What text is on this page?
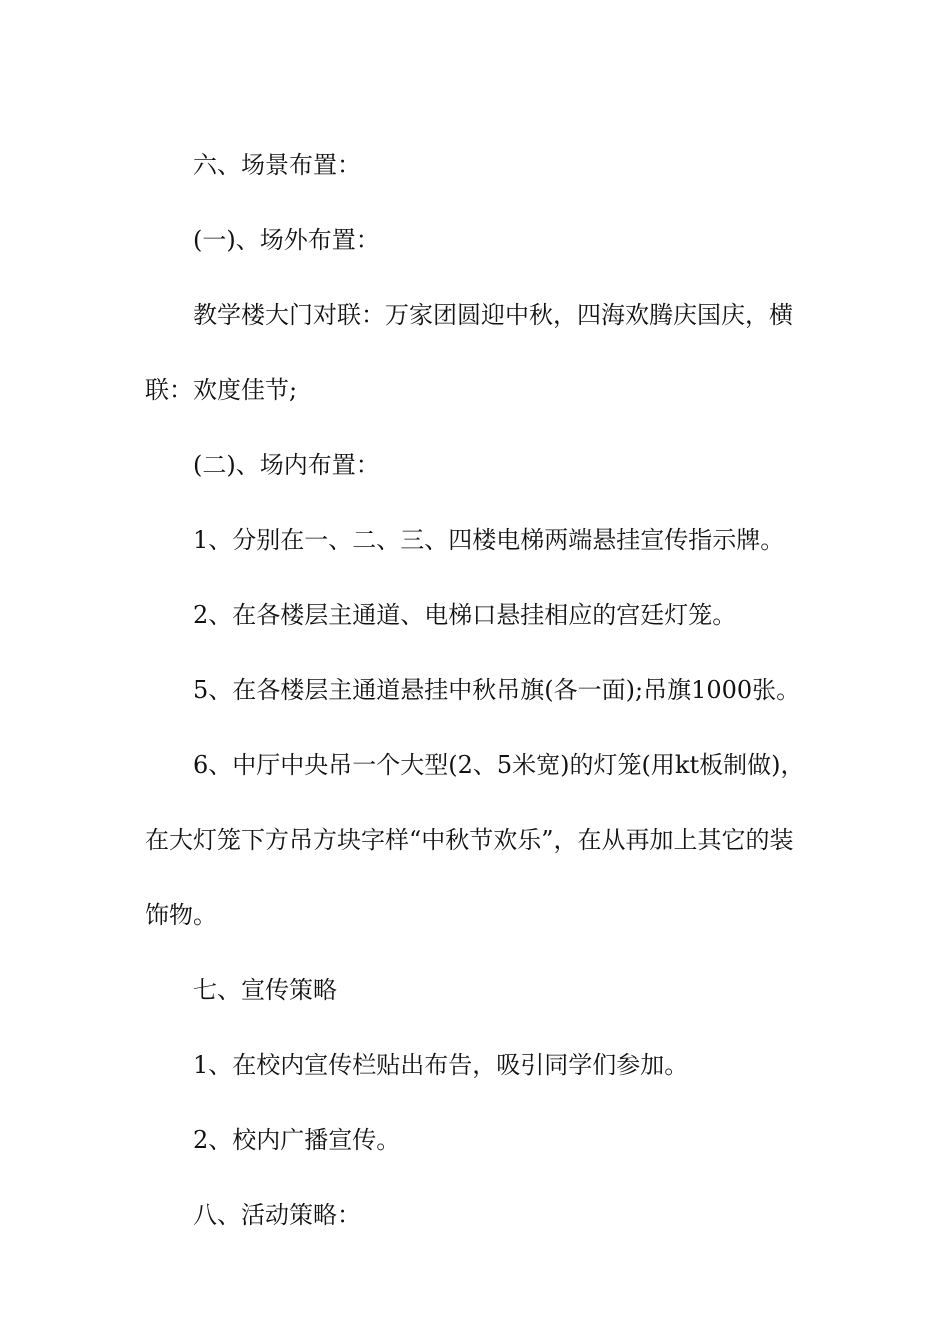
六、场景布置：

(一)、场外布置：

教学楼大门对联：万家团圆迎中秋，四海欢腾庆国庆，横联：欢度佳节;

(二)、场内布置：

1、分别在一、二、三、四楼电梯两端悬挂宣传指示牌。

2、在各楼层主通道、电梯口悬挂相应的宫廷灯笼。

5、在各楼层主通道悬挂中秋吊旗(各一面);吊旗1000张。

6、中厅中央吊一个大型(2、5米宽)的灯笼(用kt板制做)，在大灯笼下方吊方块字样“中秋节欢乐”，在从再加上其它的装饰物。

七、宣传策略

1、在校内宣传栏贴出布告，吸引同学们参加。

2、校内广播宣传。

八、活动策略：
